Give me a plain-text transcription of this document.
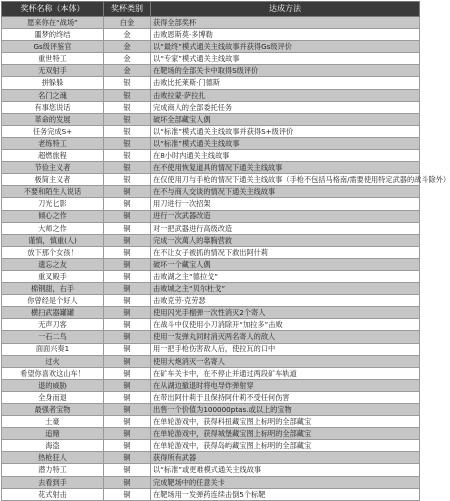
奖杯名称（本体）	奖杯类别	达成方法
愿来你在“战场”	白金	获得全部奖杯
噩梦的终结	金	击败恩斯莫·多博勒
Gs级评鉴官	金	以“最终”模式通关主线故事并获得Gs级评价
重世特工	金	以“专家”模式通关主线故事
无双射手	金	在靶场的全部关卡中取得S级评价
拼躲躲	银	击败比托莱斯·门德斯
名门之魂	银	击败拉蒙·萨拉扎
有事您说话	银	完成商人的全部委托任务
革命的发展	银	破坏全部藏宝人偶
任务完成S+	银	以“标准”模式通关主线故事并获得S+级评价
老练特工	银	以“标准”模式通关主线故事
超燃旅程	银	在8小时内通关主线故事
节俭主义者	银	在不使用恢复道具的情况下通关主线故事
极简主义者	银	在仅使用刀与手枪的情况下通关主线故事（手枪不包括马格南/需要使用特定武器的战斗除外）
不要和陌生人说话	铜	在不与商人交谈的情况下通关主线故事
刀光匕影	铜	用刀进行一次招架
倾心之作	铜	进行一次武器改造
大师之作	铜	对一把武器进行高级改造
谨慎，慎重(人)	铜	完成一次萬人的靠胸营救
放下那个女孩！	铜	在不让女子被抓的情况下救出阿什莉
遗忘之友	铜	破坏一个藏宝人偶
重叉殿手	铜	击败湖之主“德拉戈”
棉钢甜，右手	铜	击败城之主“贝尔杜戈”
你曾经是个好人	铜	击败克劳·克劳瑟
横扫武器罐罐	铜	使用闪光手榴弹一次性消灭2个寄人
无声刀客	铜	在战斗中仅使用小刀消除开“加拉多”击败
一石二鸟	铜	使用一发弹丸同时消灭两名寄人的敌人
面面兴奏1	铜	用一把手枪伤害敌人后，使拉瓦的口中
过火	铜	使用大炮消灭一名寄人
希望你喜欢这山车！	铜	在矿车关卡中，在不停止并通过两段矿车轨道
退的威胁	铜	在从湖边撤退时将电导炸弹射穿
全身而退	铜	在带出阿什莉于且保持阿什莉不受任何伤害
最强者宝物	铜	出售一个价值为100000ptas.或以上的宝物
土豪	铜	在单轮游戏中，获得科扭藏宝图上标明的全部藏宝
追赌	铜	在单轮游戏中，获得城堡藏宝图上标明的全部藏宝
海盗	铜	在单轮游戏中，获得岛屿藏宝图上标明的全部藏宝
热枪狂人	铜	获得所有武器
潜力特工	铜	以“标准”或更难模式通关主线故事
去看到手	铜	完成靶场中的任意关卡
花式射击	铜	在靶场用一发弹药连续击倒5个标靶
